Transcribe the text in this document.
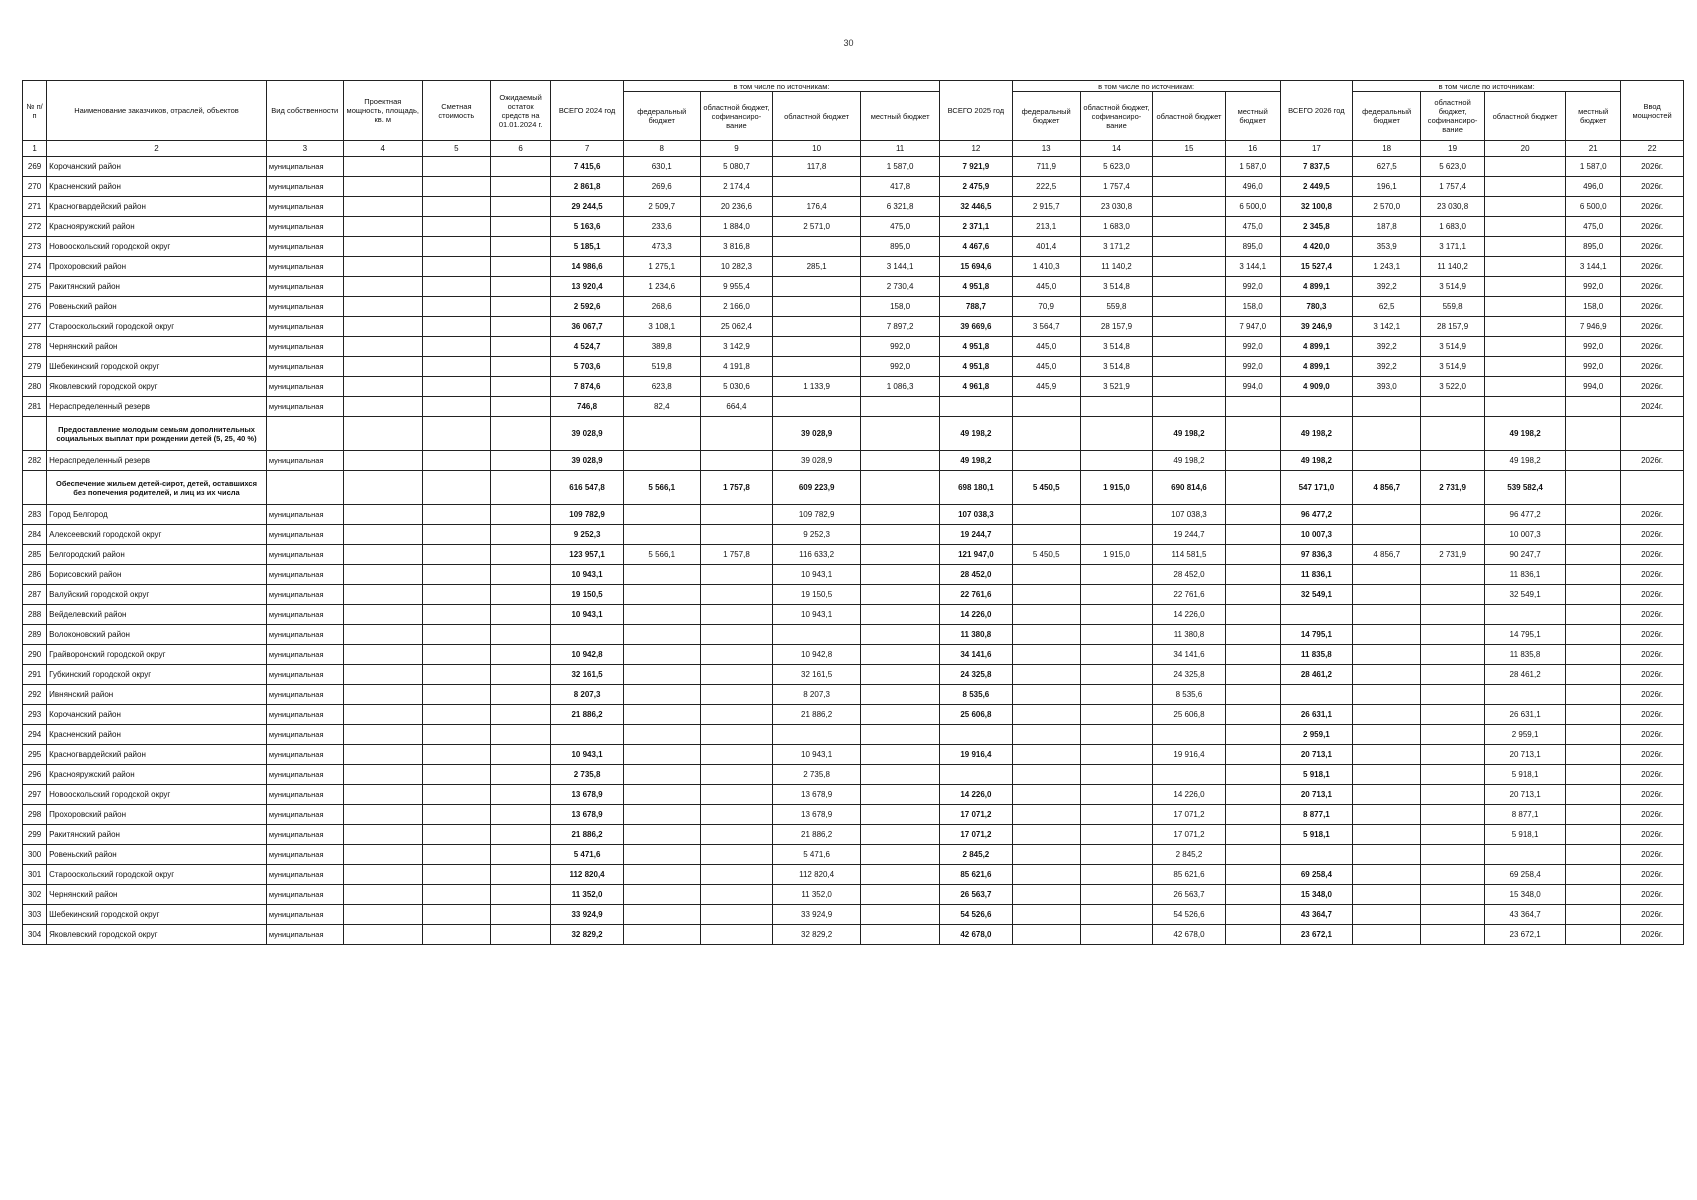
30
№ п/п	Наименование заказчиков, отраслей, объектов	Вид собственности	Проектная мощность, площадь, кв. м	Сметная стоимость	Ожидаемый остаток средств на 01.01.2024 г.	ВСЕГО 2024 год	в том числе по источникам:				ВСЕГО 2025 год	в том числе по источникам:				ВСЕГО 2026 год	в том числе по источникам:				Ввод мощностей
							федеральный бюджет	областной бюджет, софинансиро-вание	областной бюджет	местный бюджет		федеральный бюджет	областной бюджет, софинансиро-вание	областной бюджет	местный бюджет		федеральный бюджет	областной бюджет, софинансиро-вание	областной бюджет	местный бюджет	
1	2	3	4	5	6	7	8	9	10	11	12	13	14	15	16	17	18	19	20	21	22
269	Корочанский район	муниципальная				7 415,6	630,1	5 080,7	117,8	1 587,0	7 921,9	711,9	5 623,0		1 587,0	7 837,5	627,5	5 623,0		1 587,0	2026г.
270	Красненский район	муниципальная				2 861,8	269,6	2 174,4		417,8	2 475,9	222,5	1 757,4		496,0	2 449,5	196,1	1 757,4		496,0	2026г.
271	Красногвардейский район	муниципальная				29 244,5	2 509,7	20 236,6	176,4	6 321,8	32 446,5	2 915,7	23 030,8		6 500,0	32 100,8	2 570,0	23 030,8		6 500,0	2026г.
272	Краснояружский район	муниципальная				5 163,6	233,6	1 884,0	2 571,0	475,0	2 371,1	213,1	1 683,0		475,0	2 345,8	187,8	1 683,0		475,0	2026г.
273	Новооскольский городской округ	муниципальная				5 185,1	473,3	3 816,8		895,0	4 467,6	401,4	3 171,2		895,0	4 420,0	353,9	3 171,1		895,0	2026г.
274	Прохоровский район	муниципальная				14 986,6	1 275,1	10 282,3	285,1	3 144,1	15 694,6	1 410,3	11 140,2		3 144,1	15 527,4	1 243,1	11 140,2		3 144,1	2026г.
275	Ракитянский район	муниципальная				13 920,4	1 234,6	9 955,4		2 730,4	4 951,8	445,0	3 514,8		992,0	4 899,1	392,2	3 514,9		992,0	2026г.
276	Ровеньский район	муниципальная				2 592,6	268,6	2 166,0		158,0	788,7	70,9	559,8		158,0	780,3	62,5	559,8		158,0	2026г.
277	Старооскольский городской округ	муниципальная				36 067,7	3 108,1	25 062,4		7 897,2	39 669,6	3 564,7	28 157,9		7 947,0	39 246,9	3 142,1	28 157,9		7 946,9	2026г.
278	Чернянский район	муниципальная				4 524,7	389,8	3 142,9		992,0	4 951,8	445,0	3 514,8		992,0	4 899,1	392,2	3 514,9		992,0	2026г.
279	Шебекинский городской округ	муниципальная				5 703,6	519,8	4 191,8		992,0	4 951,8	445,0	3 514,8		992,0	4 899,1	392,2	3 514,9		992,0	2026г.
280	Яковлевский городской округ	муниципальная				7 874,6	623,8	5 030,6	1 133,9	1 086,3	4 961,8	445,9	3 521,9		994,0	4 909,0	393,0	3 522,0		994,0	2026г.
281	Нераспределенный резерв	муниципальная				746,8	82,4	664,4													2024г.
	Предоставление молодым семьям дополнительных социальных выплат при рождении детей (5, 25, 40 %)					39 028,9			39 028,9		49 198,2			49 198,2		49 198,2			49 198,2		
282	Нераспределенный резерв	муниципальная				39 028,9			39 028,9		49 198,2			49 198,2		49 198,2			49 198,2		2026г.
	Обеспечение жильем детей-сирот, детей, оставшихся без попечения родителей, и лиц из их числа					616 547,8	5 566,1	1 757,8	609 223,9		698 180,1	5 450,5	1 915,0	690 814,6		547 171,0	4 856,7	2 731,9	539 582,4		
283	Город Белгород	муниципальная				109 782,9			109 782,9		107 038,3			107 038,3		96 477,2			96 477,2		2026г.
284	Алексеевский городской округ	муниципальная				9 252,3			9 252,3		19 244,7			19 244,7		10 007,3			10 007,3		2026г.
285	Белгородский район	муниципальная				123 957,1	5 566,1	1 757,8	116 633,2		121 947,0	5 450,5	1 915,0	114 581,5		97 836,3	4 856,7	2 731,9	90 247,7		2026г.
286	Борисовский район	муниципальная				10 943,1			10 943,1		28 452,0			28 452,0		11 836,1			11 836,1		2026г.
287	Валуйский городской округ	муниципальная				19 150,5			19 150,5		22 761,6			22 761,6		32 549,1			32 549,1		2026г.
288	Вейделевский район	муниципальная				10 943,1			10 943,1		14 226,0			14 226,0							2026г.
289	Волоконовский район	муниципальная									11 380,8			11 380,8		14 795,1			14 795,1		2026г.
290	Грайворонский городской округ	муниципальная				10 942,8			10 942,8		34 141,6			34 141,6		11 835,8			11 835,8		2026г.
291	Губкинский городской округ	муниципальная				32 161,5			32 161,5		24 325,8			24 325,8		28 461,2			28 461,2		2026г.
292	Ивнянский район	муниципальная				8 207,3			8 207,3		8 535,6			8 535,6							2026г.
293	Корочанский район	муниципальная				21 886,2			21 886,2		25 606,8			25 606,8		26 631,1			26 631,1		2026г.
294	Красненский район	муниципальная														2 959,1			2 959,1		2026г.
295	Красногвардейский район	муниципальная				10 943,1			10 943,1		19 916,4			19 916,4		20 713,1			20 713,1		2026г.
296	Краснояружский район	муниципальная				2 735,8			2 735,8							5 918,1			5 918,1		2026г.
297	Новооскольский городской округ	муниципальная				13 678,9			13 678,9		14 226,0			14 226,0		20 713,1			20 713,1		2026г.
298	Прохоровский район	муниципальная				13 678,9			13 678,9		17 071,2			17 071,2		8 877,1			8 877,1		2026г.
299	Ракитянский район	муниципальная				21 886,2			21 886,2		17 071,2			17 071,2		5 918,1			5 918,1		2026г.
300	Ровеньский район	муниципальная				5 471,6			5 471,6		2 845,2			2 845,2							2026г.
301	Старооскольский городской округ	муниципальная				112 820,4			112 820,4		85 621,6			85 621,6		69 258,4			69 258,4		2026г.
302	Чернянский район	муниципальная				11 352,0			11 352,0		26 563,7			26 563,7		15 348,0			15 348,0		2026г.
303	Шебекинский городской округ	муниципальная				33 924,9			33 924,9		54 526,6			54 526,6		43 364,7			43 364,7		2026г.
304	Яковлевский городской округ	муниципальная				32 829,2			32 829,2		42 678,0			42 678,0		23 672,1			23 672,1		2026г.
